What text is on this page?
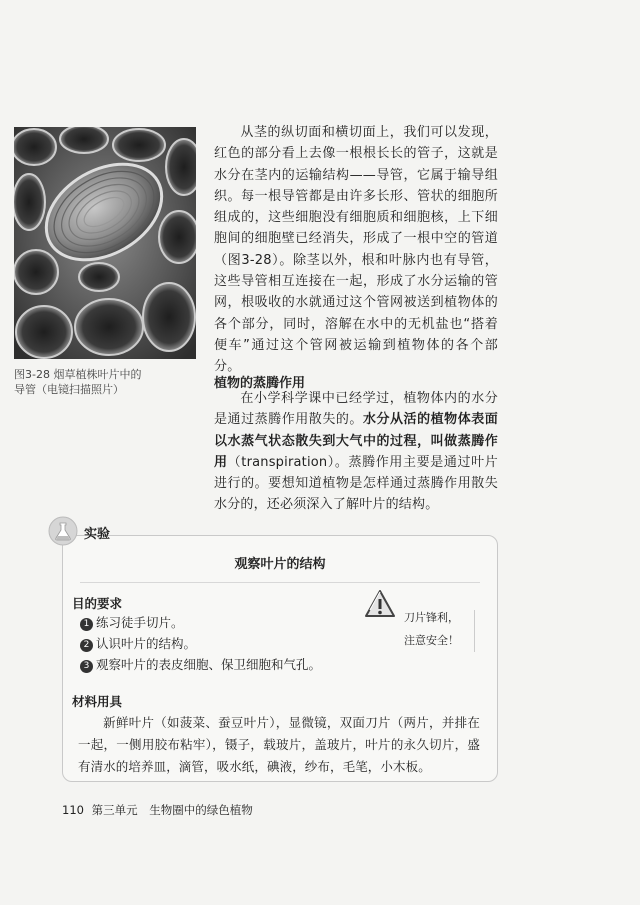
图3-28 烟草植株叶片中的
导管（电镜扫描照片）
从茎的纵切面和横切面上，我们可以发现，红色的部分看上去像一根根长长的管子，这就是水分在茎内的运输结构——导管，它属于输导组织。每一根导管都是由许多长形、管状的细胞所组成的，这些细胞没有细胞质和细胞核，上下细胞间的细胞壁已经消失，形成了一根中空的管道（图3-28）。除茎以外，根和叶脉内也有导管，这些导管相互连接在一起，形成了水分运输的管网，根吸收的水就通过这个管网被送到植物体的各个部分，同时，溶解在水中的无机盐也“搭着便车”通过这个管网被运输到植物体的各个部分。
植物的蒸腾作用
在小学科学课中已经学过，植物体内的水分是通过蒸腾作用散失的。水分从活的植物体表面以水蒸气状态散失到大气中的过程，叫做蒸腾作用（transpiration）。蒸腾作用主要是通过叶片进行的。要想知道植物是怎样通过蒸腾作用散失水分的，还必须深入了解叶片的结构。
实验
观察叶片的结构
目的要求
1 练习徒手切片。
2 认识叶片的结构。
3 观察叶片的表皮细胞、保卫细胞和气孔。
刀片锋利，
注意安全！
材料用具
新鲜叶片（如菠菜、蚕豆叶片），显微镜，双面刀片（两片，并排在一起，一侧用胶布粘牢），镊子，载玻片，盖玻片，叶片的永久切片，盛有清水的培养皿，滴管，吸水纸，碘液，纱布，毛笔，小木板。
110 第三单元 生物圈中的绿色植物
